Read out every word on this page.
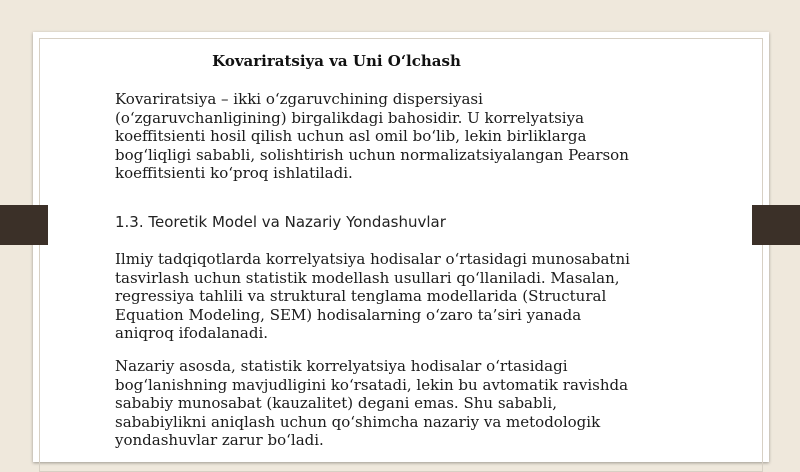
Kovariratsiya va Uni O‘lchash

Kovariratsiya – ikki o‘zgaruvchining dispersiyasi (o‘zgaruvchanligining) birgalikdagi bahosidir. U korrelyatsiya koeffitsienti hosil qilish uchun asl omil bo‘lib, lekin birliklarga bog‘liqligi sababli, solishtirish uchun normalizatsiyalangan Pearson koeffitsienti ko‘proq ishlatiladi.

1.3. Teoretik Model va Nazariy Yondashuvlar

Ilmiy tadqiqotlarda korrelyatsiya hodisalar o‘rtasidagi munosabatni tasvirlash uchun statistik modellash usullari qo‘llaniladi. Masalan, regressiya tahlili va struktural tenglama modellarida (Structural Equation Modeling, SEM) hodisalarning o‘zaro ta’siri yanada aniqroq ifodalanadi.

Nazariy asosda, statistik korrelyatsiya hodisalar o‘rtasidagi bog‘lanishning mavjudligini ko‘rsatadi, lekin bu avtomatik ravishda sababiy munosabat (kauzalitet) degani emas. Shu sababli, sababiylikni aniqlash uchun qo‘shimcha nazariy va metodologik yondashuvlar zarur bo‘ladi.
